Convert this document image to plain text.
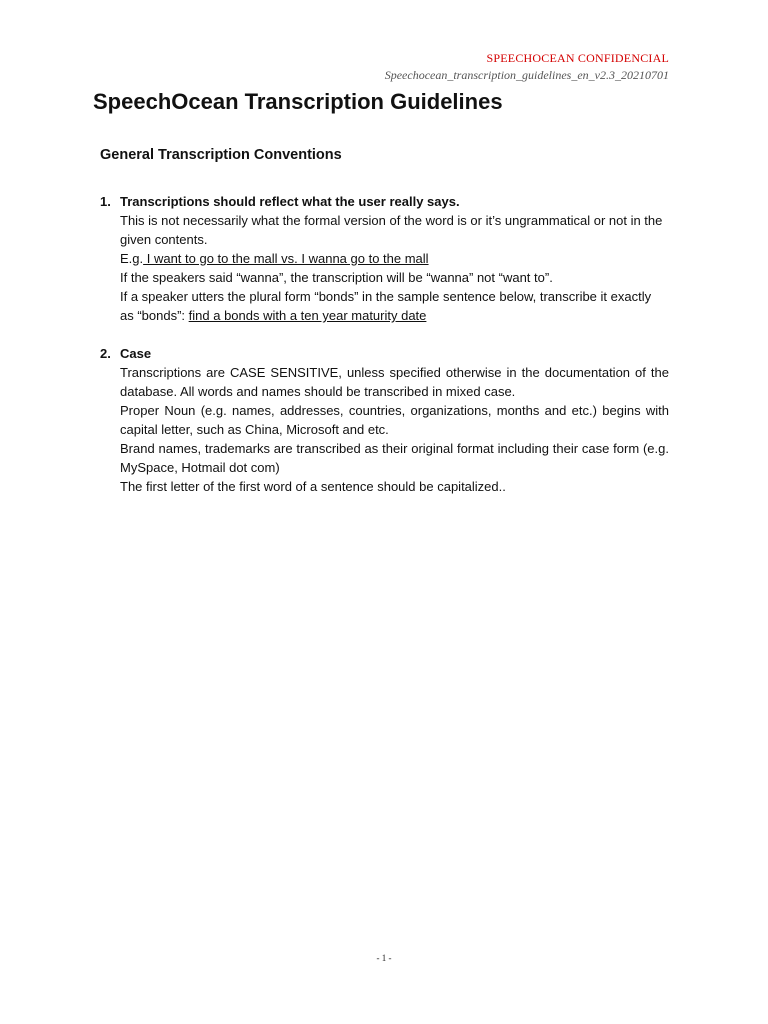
SPEECHOCEAN CONFIDENCIAL
Speechocean_transcription_guidelines_en_v2.3_20210701
SpeechOcean Transcription Guidelines
General Transcription Conventions
1. Transcriptions should reflect what the user really says.

This is not necessarily what the formal version of the word is or it’s ungrammatical or not in the given contents.

E.g. I want to go to the mall vs. I wanna go to the mall

If the speakers said “wanna”, the transcription will be “wanna” not “want to”.

If a speaker utters the plural form “bonds” in the sample sentence below, transcribe it exactly

as “bonds”: find a bonds with a ten year maturity date

2. Case

Transcriptions are CASE SENSITIVE, unless specified otherwise in the documentation of the database. All words and names should be transcribed in mixed case.

Proper Noun (e.g. names, addresses, countries, organizations, months and etc.) begins with capital letter, such as China, Microsoft and etc.

Brand names, trademarks are transcribed as their original format including their case form (e.g. MySpace, Hotmail dot com)

The first letter of the first word of a sentence should be capitalized..

- 1 -
